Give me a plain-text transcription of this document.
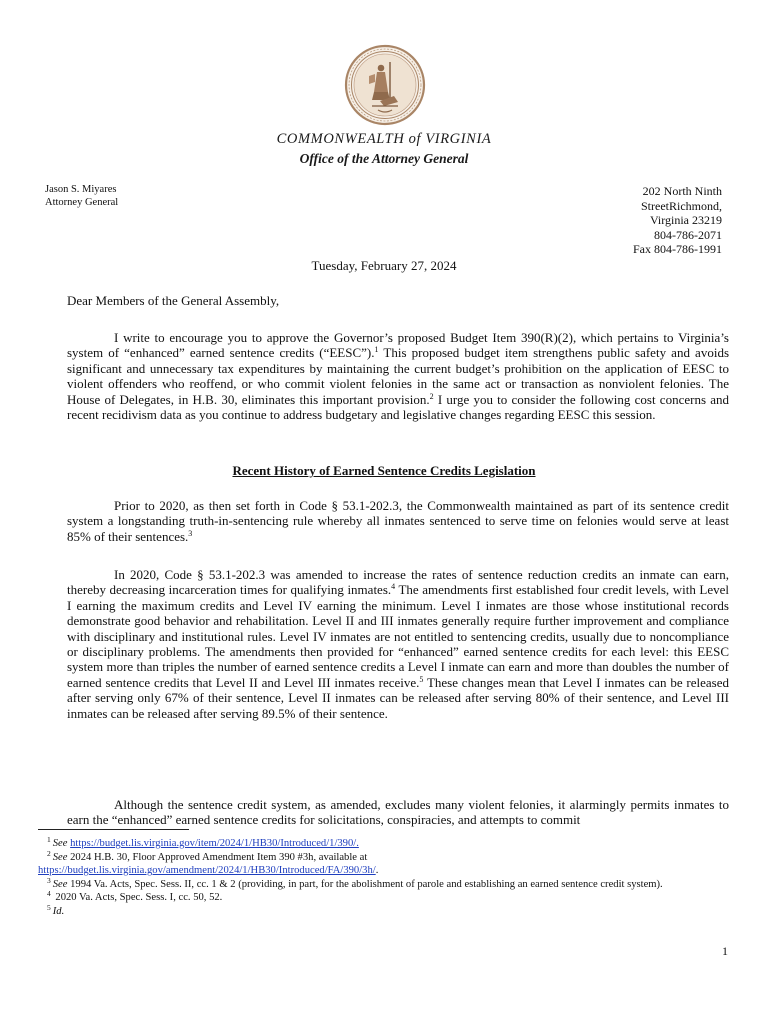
COMMONWEALTH of VIRGINIA
Office of the Attorney General
Jason S. Miyares
Attorney General
202 North Ninth
StreetRichmond,
Virginia 23219
804-786-2071
Fax 804-786-1991
Tuesday, February 27, 2024
Dear Members of the General Assembly,
I write to encourage you to approve the Governor’s proposed Budget Item 390(R)(2), which pertains to Virginia’s system of “enhanced” earned sentence credits (“EESC”).$^1$ This proposed budget item strengthens public safety and avoids significant and unnecessary tax expenditures by maintaining the current budget’s prohibition on the application of EESC to violent offenders who reoffend, or who commit violent felonies in the same act or transaction as nonviolent felonies. The House of Delegates, in H.B. 30, eliminates this important provision.$^2$ I urge you to consider the following cost concerns and recent recidivism data as you continue to address budgetary and legislative changes regarding EESC this session.
Recent History of Earned Sentence Credits Legislation
Prior to 2020, as then set forth in Code § 53.1-202.3, the Commonwealth maintained as part of its sentence credit system a longstanding truth-in-sentencing rule whereby all inmates sentenced to serve time on felonies would serve at least 85% of their sentences.$^3$
In 2020, Code § 53.1-202.3 was amended to increase the rates of sentence reduction credits an inmate can earn, thereby decreasing incarceration times for qualifying inmates.$^4$ The amendments first established four credit levels, with Level I earning the maximum credits and Level IV earning the minimum. Level I inmates are those whose institutional records demonstrate good behavior and rehabilitation. Level II and III inmates generally require further improvement and compliance with disciplinary and institutional rules. Level IV inmates are not entitled to sentencing credits, usually due to noncompliance or disciplinary problems. The amendments then provided for “enhanced” earned sentence credits for each level: this EESC system more than triples the number of earned sentence credits a Level I inmate can earn and more than doubles the number of earned sentence credits that Level II and Level III inmates receive.$^5$ These changes mean that Level I inmates can be released after serving only 67% of their sentence, Level II inmates can be released after serving 80% of their sentence, and Level III inmates can be released after serving 89.5% of their sentence.
Although the sentence credit system, as amended, excludes many violent felonies, it alarmingly permits inmates to earn the “enhanced” earned sentence credits for solicitations, conspiracies, and attempts to commit
$^1$ See https://budget.lis.virginia.gov/item/2024/1/HB30/Introduced/1/390/.
$^2$ See 2024 H.B. 30, Floor Approved Amendment Item 390 #3h, available at
https://budget.lis.virginia.gov/amendment/2024/1/HB30/Introduced/FA/390/3h/.
$^3$ See 1994 Va. Acts, Spec. Sess. II, cc. 1 & 2 (providing, in part, for the abolishment of parole and establishing an earned sentence credit system).
$^4$ 2020 Va. Acts, Spec. Sess. I, cc. 50, 52.
$^5$ Id.
1
